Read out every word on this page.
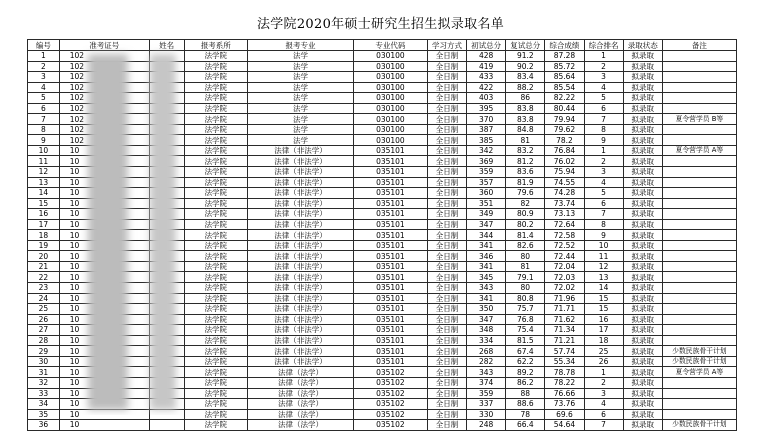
法学院2020年硕士研究生招生拟录取名单
编号	准考证号	姓名	报考系所	报考专业	专业代码	学习方式	初试总分	复试总分	综合成绩	综合排名	录取状态	备注
1	102		法学院	法学	030100	全日制	428	91.2	87.28	1	拟录取	
2	102		法学院	法学	030100	全日制	419	90.2	85.72	2	拟录取	
3	102		法学院	法学	030100	全日制	433	83.4	85.64	3	拟录取	
4	102		法学院	法学	030100	全日制	422	88.2	85.54	4	拟录取	
5	102		法学院	法学	030100	全日制	403	86	82.22	5	拟录取	
6	102		法学院	法学	030100	全日制	395	83.8	80.44	6	拟录取	
7	102		法学院	法学	030100	全日制	370	83.8	79.94	7	拟录取	夏令营学员 B等
8	102		法学院	法学	030100	全日制	387	84.8	79.62	8	拟录取	
9	102		法学院	法学	030100	全日制	385	81	78.2	9	拟录取	
10	10		法学院	法律（非法学）	035101	全日制	342	83.2	76.84	1	拟录取	夏令营学员 A等
11	10		法学院	法律（非法学）	035101	全日制	369	81.2	76.02	2	拟录取	
12	10		法学院	法律（非法学）	035101	全日制	359	83.6	75.94	3	拟录取	
13	10		法学院	法律（非法学）	035101	全日制	357	81.9	74.55	4	拟录取	
14	10		法学院	法律（非法学）	035101	全日制	360	79.6	74.28	5	拟录取	
15	10		法学院	法律（非法学）	035101	全日制	351	82	73.74	6	拟录取	
16	10		法学院	法律（非法学）	035101	全日制	349	80.9	73.13	7	拟录取	
17	10		法学院	法律（非法学）	035101	全日制	347	80.2	72.64	8	拟录取	
18	10		法学院	法律（非法学）	035101	全日制	344	81.4	72.58	9	拟录取	
19	10		法学院	法律（非法学）	035101	全日制	341	82.6	72.52	10	拟录取	
20	10		法学院	法律（非法学）	035101	全日制	346	80	72.44	11	拟录取	
21	10		法学院	法律（非法学）	035101	全日制	341	81	72.04	12	拟录取	
22	10		法学院	法律（非法学）	035101	全日制	345	79.1	72.03	13	拟录取	
23	10		法学院	法律（非法学）	035101	全日制	343	80	72.02	14	拟录取	
24	10		法学院	法律（非法学）	035101	全日制	341	80.8	71.96	15	拟录取	
25	10		法学院	法律（非法学）	035101	全日制	350	75.7	71.71	15	拟录取	
26	10		法学院	法律（非法学）	035101	全日制	347	76.8	71.62	16	拟录取	
27	10		法学院	法律（非法学）	035101	全日制	348	75.4	71.34	17	拟录取	
28	10		法学院	法律（非法学）	035101	全日制	334	81.5	71.21	18	拟录取	
29	10		法学院	法律（非法学）	035101	全日制	268	67.4	57.74	25	拟录取	少数民族骨干计划
30	10		法学院	法律（非法学）	035101	全日制	282	62.2	55.34	26	拟录取	少数民族骨干计划
31	10		法学院	法律（法学）	035102	全日制	343	89.2	78.78	1	拟录取	夏令营学员 A等
32	10		法学院	法律（法学）	035102	全日制	374	86.2	78.22	2	拟录取	
33	10		法学院	法律（法学）	035102	全日制	359	88	76.66	3	拟录取	
34	10		法学院	法律（法学）	035102	全日制	337	88.6	73.76	4	拟录取	
35	10		法学院	法律（法学）	035102	全日制	330	78	69.6	6	拟录取	
36	10		法学院	法律（法学）	035102	全日制	248	66.4	54.64	7	拟录取	少数民族骨干计划
